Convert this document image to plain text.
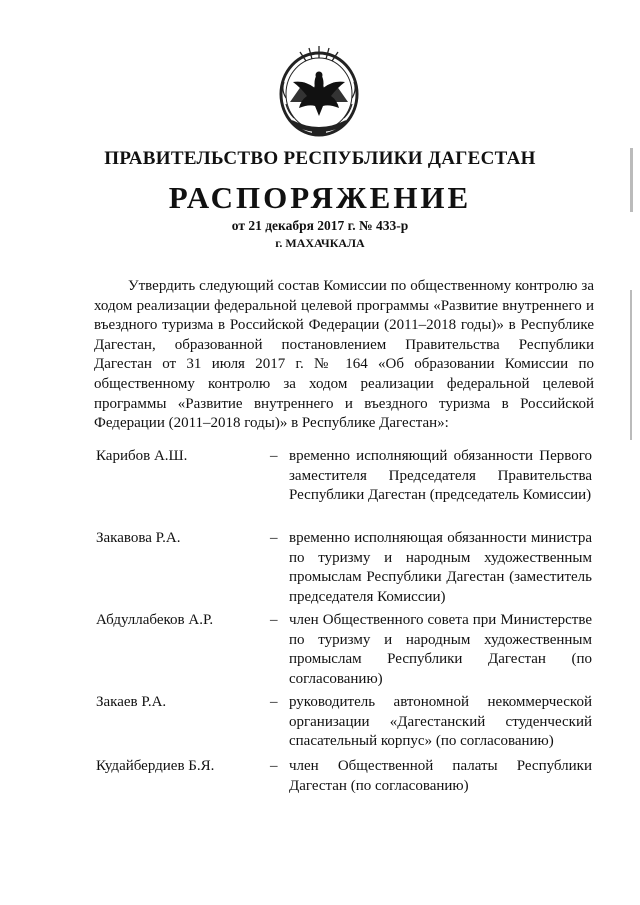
ПРАВИТЕЛЬСТВО РЕСПУБЛИКИ ДАГЕСТАН
РАСПОРЯЖЕНИЕ
от 21 декабря 2017 г. № 433-р
г. МАХАЧКАЛА

Утвердить следующий состав Комиссии по общественному контролю за ходом реализации федеральной целевой программы «Развитие внутреннего и въездного туризма в Российской Федерации (2011–2018 годы)» в Республике Дагестан, образованной постановлением Правительства Республики Дагестан от 31 июля 2017 г. № 164 «Об образовании Комиссии по общественному контролю за ходом реализации федеральной целевой программы «Развитие внутреннего и въездного туризма в Российской Федерации (2011–2018 годы)» в Республике Дагестан»:

Карибов А.Ш.	– временно исполняющий обязанности Первого заместителя Председателя Правительства Республики Дагестан (председатель Комиссии)

Закавова Р.А.	– временно исполняющая обязанности министра по туризму и народным художественным промыслам Республики Дагестан (заместитель председателя Комиссии)

Абдуллабеков А.Р.	– член Общественного совета при Министерстве по туризму и народным художественным промыслам Республики Дагестан (по согласованию)

Закаев Р.А.	– руководитель автономной некоммерческой организации «Дагестанский студенческий спасательный корпус» (по согласованию)

Кудайбердиев Б.Я.	– член Общественной палаты Республики Дагестан (по согласованию)
